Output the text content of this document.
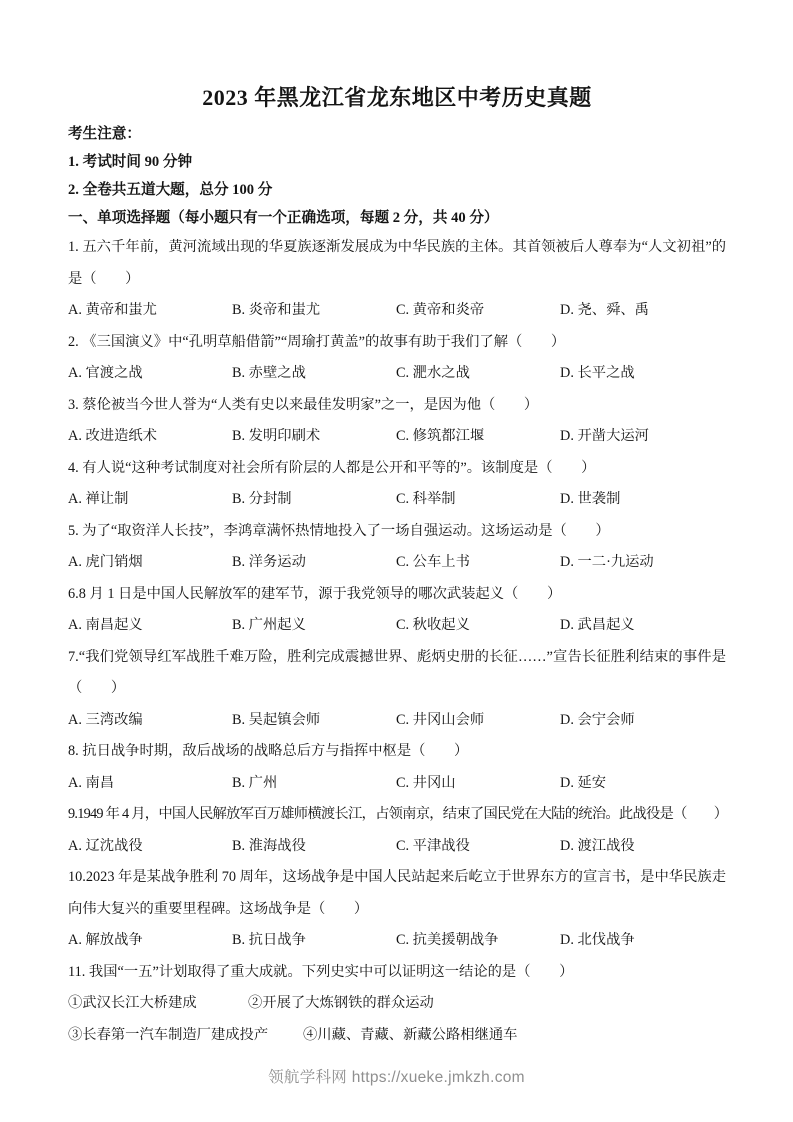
2023 年黑龙江省龙东地区中考历史真题

考生注意：

1. 考试时间 90 分钟

2. 全卷共五道大题，总分 100 分

一、单项选择题（每小题只有一个正确选项，每题 2 分，共 40 分）

1. 五六千年前，黄河流域出现的华夏族逐渐发展成为中华民族的主体。其首领被后人尊奉为“人文初祖”的是（　　）

A. 黄帝和蚩尤	B. 炎帝和蚩尤	C. 黄帝和炎帝	D. 尧、舜、禹

2. 《三国演义》中“孔明草船借箭”“周瑜打黄盖”的故事有助于我们了解（　　）

A. 官渡之战	B. 赤壁之战	C. 淝水之战	D. 长平之战

3. 蔡伦被当今世人誉为“人类有史以来最佳发明家”之一，是因为他（　　）

A. 改进造纸术	B. 发明印刷术	C. 修筑都江堰	D. 开凿大运河

4. 有人说“这种考试制度对社会所有阶层的人都是公开和平等的”。该制度是（　　）

A. 禅让制	B. 分封制	C. 科举制	D. 世袭制

5. 为了“取资洋人长技”，李鸿章满怀热情地投入了一场自强运动。这场运动是（　　）

A. 虎门销烟	B. 洋务运动	C. 公车上书	D. 一二·九运动

6.8 月 1 日是中国人民解放军的建军节，源于我党领导的哪次武装起义（　　）

A. 南昌起义	B. 广州起义	C. 秋收起义	D. 武昌起义

7.“我们党领导红军战胜千难万险，胜利完成震撼世界、彪炳史册的长征……”宣告长征胜利结束的事件是（　　）

A. 三湾改编	B. 吴起镇会师	C. 井冈山会师	D. 会宁会师

8. 抗日战争时期，敌后战场的战略总后方与指挥中枢是（　　）

A. 南昌	B. 广州	C. 井冈山	D. 延安

9.1949 年 4 月，中国人民解放军百万雄师横渡长江，占领南京，结束了国民党在大陆的统治。此战役是（　　）

A. 辽沈战役	B. 淮海战役	C. 平津战役	D. 渡江战役

10.2023 年是某战争胜利 70 周年，这场战争是中国人民站起来后屹立于世界东方的宣言书，是中华民族走向伟大复兴的重要里程碑。这场战争是（　　）

A. 解放战争	B. 抗日战争	C. 抗美援朝战争	D. 北伐战争

11. 我国“一五”计划取得了重大成就。下列史实中可以证明这一结论的是（　　）

①武汉长江大桥建成	②开展了大炼钢铁的群众运动
③长春第一汽车制造厂建成投产	④川藏、青藏、新藏公路相继通车
领航学科网 https://xueke.jmkzh.com
